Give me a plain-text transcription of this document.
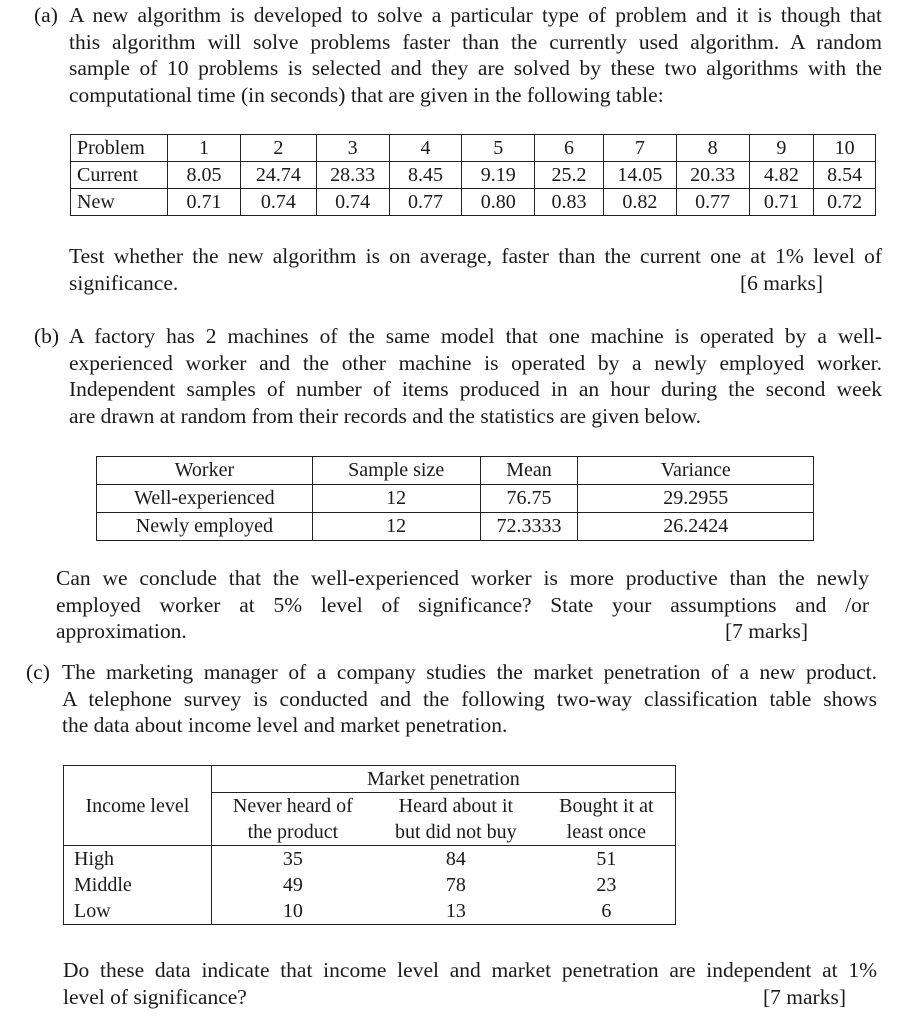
(a) A new algorithm is developed to solve a particular type of problem and it is though that
this algorithm will solve problems faster than the currently used algorithm. A random
sample of 10 problems is selected and they are solved by these two algorithms with the
computational time (in seconds) that are given in the following table:
Problem	1	2	3	4	5	6	7	8	9	10
Current	8.05	24.74	28.33	8.45	9.19	25.2	14.05	20.33	4.82	8.54
New	0.71	0.74	0.74	0.77	0.80	0.83	0.82	0.77	0.71	0.72
Test whether the new algorithm is on average, faster than the current one at 1% level of
significance.	[6 marks]
(b) A factory has 2 machines of the same model that one machine is operated by a well-
experienced worker and the other machine is operated by a newly employed worker.
Independent samples of number of items produced in an hour during the second week
are drawn at random from their records and the statistics are given below.
Worker	Sample size	Mean	Variance
Well-experienced	12	76.75	29.2955
Newly employed	12	72.3333	26.2424
Can we conclude that the well-experienced worker is more productive than the newly
employed worker at 5% level of significance? State your assumptions and /or
approximation.	[7 marks]
(c) The marketing manager of a company studies the market penetration of a new product.
A telephone survey is conducted and the following two-way classification table shows
the data about income level and market penetration.
	Market penetration		
Income level	Never heard of	Heard about it	Bought it at
	the product	but did not buy	least once
High	35	84	51
Middle	49	78	23
Low	10	13	6
Do these data indicate that income level and market penetration are independent at 1%
level of significance?	[7 marks]
